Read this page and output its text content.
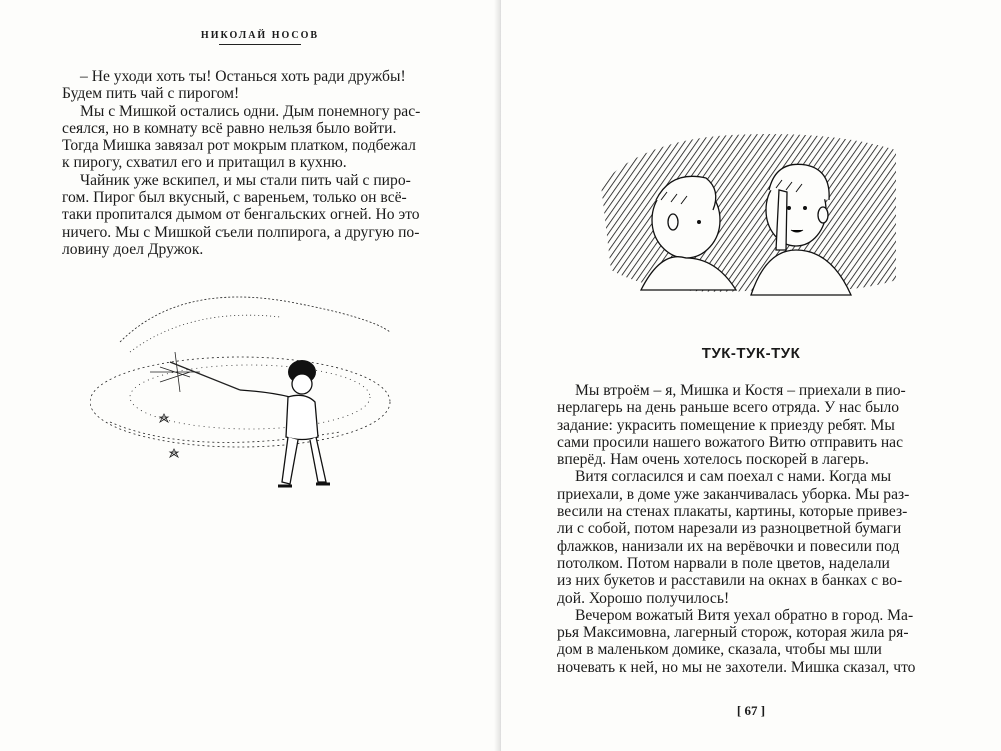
НИКОЛАЙ НОСОВ

– Не уходи хоть ты! Останься хоть ради дружбы!

Будем пить чай с пирогом!

Мы с Мишкой остались одни. Дым понемногу рас-

сеялся, но в комнату всё равно нельзя было войти.

Тогда Мишка завязал рот мокрым платком, подбежал

к пирогу, схватил его и притащил в кухню.

Чайник уже вскипел, и мы стали пить чай с пиро-

гом. Пирог был вкусный, с вареньем, только он всё-

таки пропитался дымом от бенгальских огней. Но это

ничего. Мы с Мишкой съели полпирога, а другую по-

ловину доел Дружок.

ТУК-ТУК-ТУК

Мы втроём – я, Мишка и Костя – приехали в пио-

нерлагерь на день раньше всего отряда. У нас было

задание: украсить помещение к приезду ребят. Мы

сами просили нашего вожатого Витю отправить нас

вперёд. Нам очень хотелось поскорей в лагерь.

Витя согласился и сам поехал с нами. Когда мы

приехали, в доме уже заканчивалась уборка. Мы раз-

весили на стенах плакаты, картины, которые привез-

ли с собой, потом нарезали из разноцветной бумаги

флажков, нанизали их на верёвочки и повесили под

потолком. Потом нарвали в поле цветов, наделали

из них букетов и расставили на окнах в банках с во-

дой. Хорошо получилось!

Вечером вожатый Витя уехал обратно в город. Ма-

рья Максимовна, лагерный сторож, которая жила ря-

дом в маленьком домике, сказала, чтобы мы шли

ночевать к ней, но мы не захотели. Мишка сказал, что

[ 67 ]
